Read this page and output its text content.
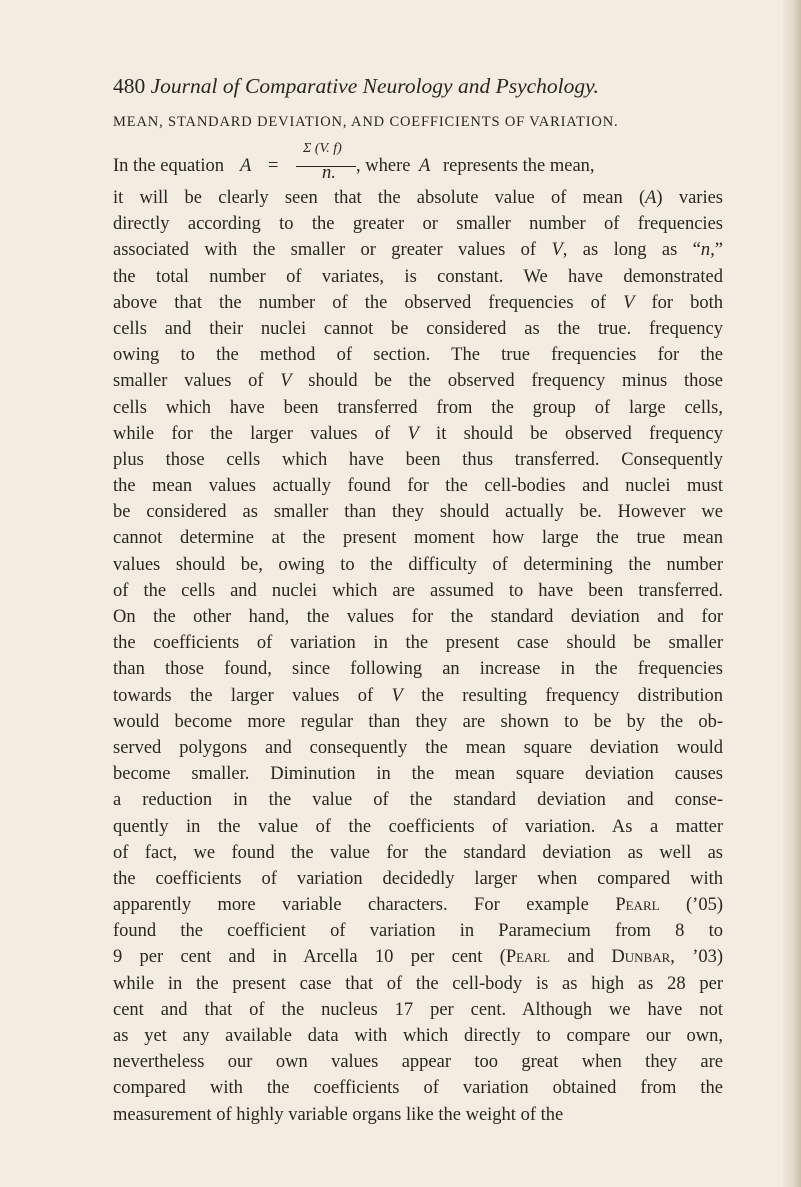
480 Journal of Comparative Neurology and Psychology.
MEAN, STANDARD DEVIATION, AND COEFFICIENTS OF VARIATION.
In the equation A =
Σ (V. f)
n. , where A represents the mean,
it will be clearly seen that the absolute value of mean (A) varies
directly according to the greater or smaller number of frequencies
associated with the smaller or greater values of V, as long as “n,”
the total number of variates, is constant. We have demonstrated
above that the number of the observed frequencies of V for both
cells and their nuclei cannot be considered as the true. frequency
owing to the method of section. The true frequencies for the
smaller values of V should be the observed frequency minus those
cells which have been transferred from the group of large cells,
while for the larger values of V it should be observed frequency
plus those cells which have been thus transferred. Consequently
the mean values actually found for the cell-bodies and nuclei must
be considered as smaller than they should actually be. However we
cannot determine at the present moment how large the true mean
values should be, owing to the difficulty of determining the number
of the cells and nuclei which are assumed to have been transferred.
On the other hand, the values for the standard deviation and for
the coefficients of variation in the present case should be smaller
than those found, since following an increase in the frequencies
towards the larger values of V the resulting frequency distribution
would become more regular than they are shown to be by the ob-
served polygons and consequently the mean square deviation would
become smaller. Diminution in the mean square deviation causes
a reduction in the value of the standard deviation and conse-
quently in the value of the coefficients of variation. As a matter
of fact, we found the value for the standard deviation as well as
the coefficients of variation decidedly larger when compared with
apparently more variable characters. For example Pearl (’05)
found the coefficient of variation in Paramecium from 8 to
9 per cent and in Arcella 10 per cent (Pearl and Dunbar, ’03)
while in the present case that of the cell-body is as high as 28 per
cent and that of the nucleus 17 per cent. Although we have not
as yet any available data with which directly to compare our own,
nevertheless our own values appear too great when they are
compared with the coefficients of variation obtained from the
measurement of highly variable organs like the weight of the
